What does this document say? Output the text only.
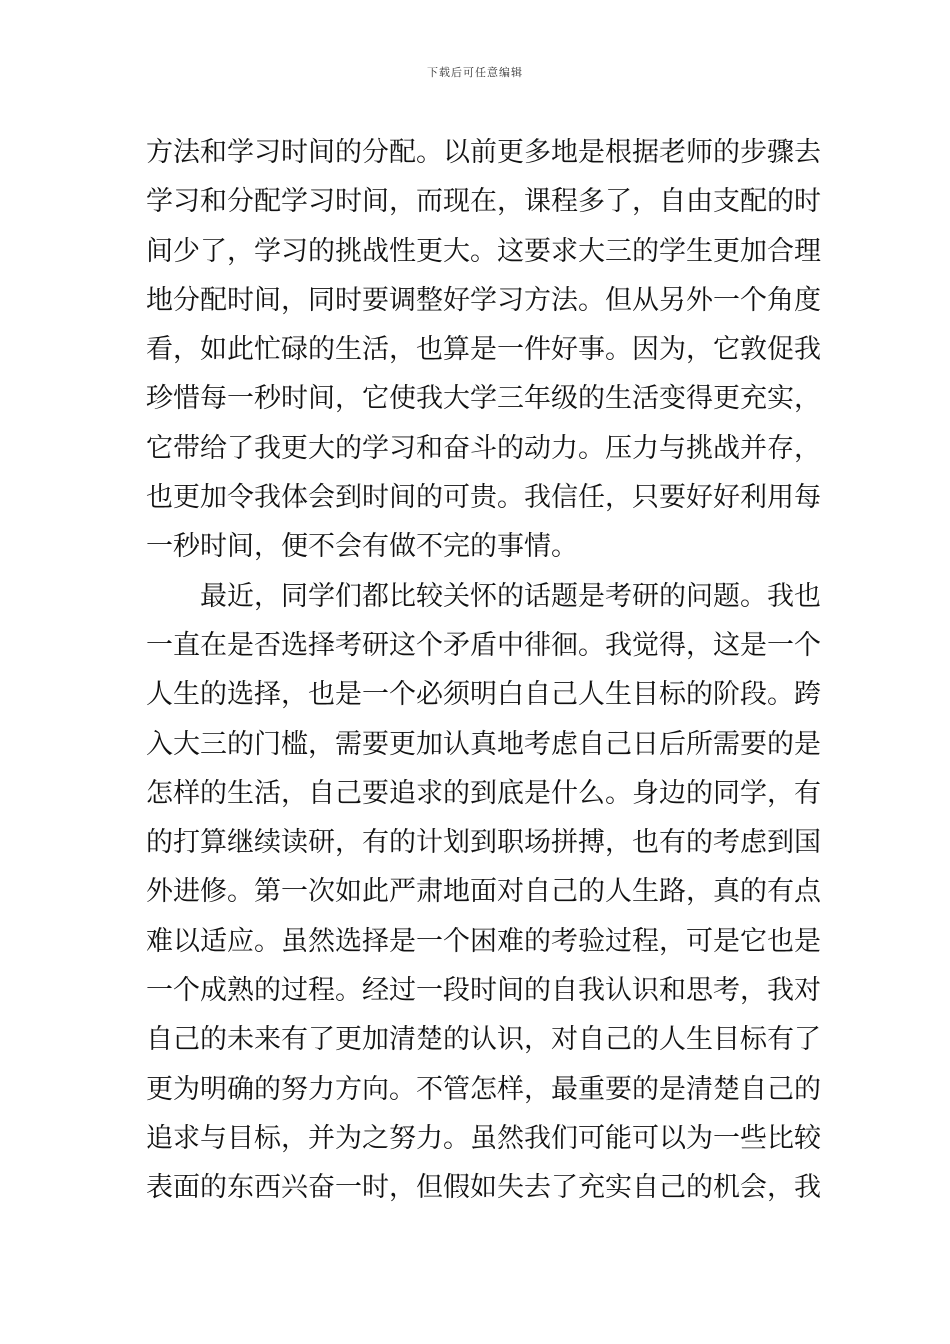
下载后可任意编辑
方法和学习时间的分配。以前更多地是根据老师的步骤去
学习和分配学习时间，而现在，课程多了，自由支配的时
间少了，学习的挑战性更大。这要求大三的学生更加合理
地分配时间，同时要调整好学习方法。但从另外一个角度
看，如此忙碌的生活，也算是一件好事。因为，它敦促我
珍惜每一秒时间，它使我大学三年级的生活变得更充实，
它带给了我更大的学习和奋斗的动力。压力与挑战并存，
也更加令我体会到时间的可贵。我信任，只要好好利用每
一秒时间，便不会有做不完的事情。
最近，同学们都比较关怀的话题是考研的问题。我也
一直在是否选择考研这个矛盾中徘徊。我觉得，这是一个
人生的选择，也是一个必须明白自己人生目标的阶段。跨
入大三的门槛，需要更加认真地考虑自己日后所需要的是
怎样的生活，自己要追求的到底是什么。身边的同学，有
的打算继续读研，有的计划到职场拼搏，也有的考虑到国
外进修。第一次如此严肃地面对自己的人生路，真的有点
难以适应。虽然选择是一个困难的考验过程，可是它也是
一个成熟的过程。经过一段时间的自我认识和思考，我对
自己的未来有了更加清楚的认识，对自己的人生目标有了
更为明确的努力方向。不管怎样，最重要的是清楚自己的
追求与目标，并为之努力。虽然我们可能可以为一些比较
表面的东西兴奋一时，但假如失去了充实自己的机会，我
